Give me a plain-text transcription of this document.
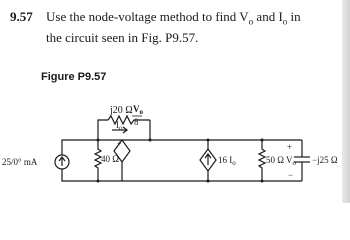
9.57 Use the node-voltage method to find $V_o$ and $I_o$ in
the circuit seen in Fig. P9.57.
Figure P9.57
j20 Ω
$I_o$
$V_o$
8
+
25/0° mA	40 Ω	16 $I_o$	50 Ω
+
$V_o$
−
−j25 Ω
